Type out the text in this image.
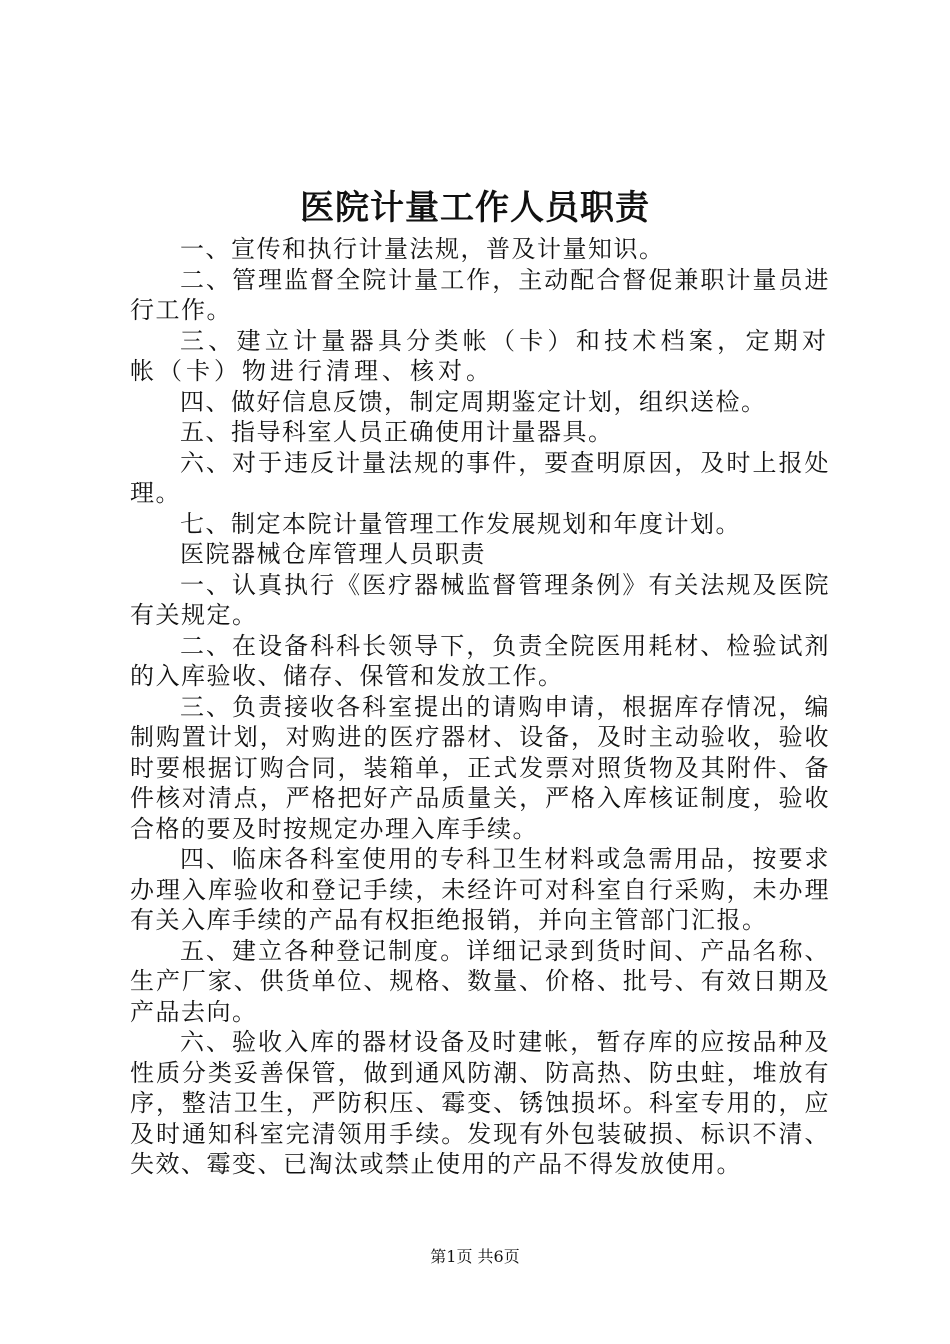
医院计量工作人员职责

一、宣传和执行计量法规，普及计量知识。

二、管理监督全院计量工作，主动配合督促兼职计量员进行工作。

三、建立计量器具分类帐（卡）和技术档案，定期对帐（卡）物进行清理、核对。

四、做好信息反馈，制定周期鉴定计划，组织送检。

五、指导科室人员正确使用计量器具。

六、对于违反计量法规的事件，要查明原因，及时上报处理。

七、制定本院计量管理工作发展规划和年度计划。

医院器械仓库管理人员职责

一、认真执行《医疗器械监督管理条例》有关法规及医院有关规定。

二、在设备科科长领导下，负责全院医用耗材、检验试剂的入库验收、储存、保管和发放工作。

三、负责接收各科室提出的请购申请，根据库存情况，编制购置计划，对购进的医疗器材、设备，及时主动验收，验收时要根据订购合同，装箱单，正式发票对照货物及其附件、备件核对清点，严格把好产品质量关，严格入库核证制度，验收合格的要及时按规定办理入库手续。

四、临床各科室使用的专科卫生材料或急需用品，按要求办理入库验收和登记手续，未经许可对科室自行采购，未办理有关入库手续的产品有权拒绝报销，并向主管部门汇报。

五、建立各种登记制度。详细记录到货时间、产品名称、生产厂家、供货单位、规格、数量、价格、批号、有效日期及产品去向。

六、验收入库的器材设备及时建帐，暂存库的应按品种及性质分类妥善保管，做到通风防潮、防高热、防虫蛀，堆放有序，整洁卫生，严防积压、霉变、锈蚀损坏。科室专用的，应及时通知科室完清领用手续。发现有外包装破损、标识不清、失效、霉变、已淘汰或禁止使用的产品不得发放使用。

第1页 共6页
